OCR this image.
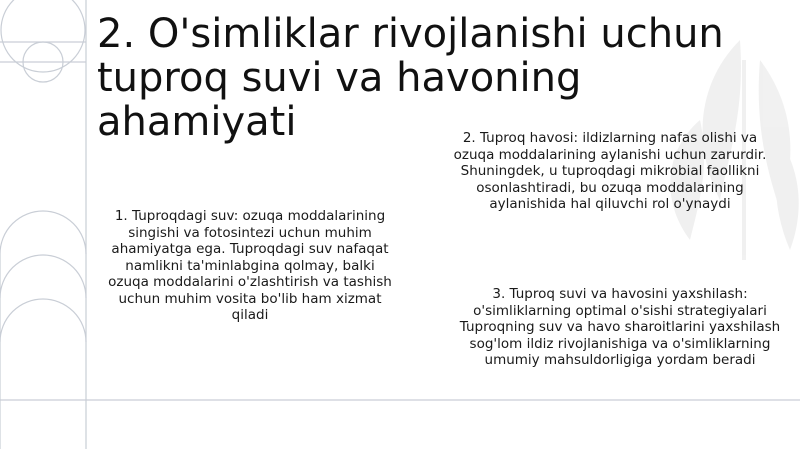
2. O'simliklar rivojlanishi uchun
tuproq suvi va havoning
ahamiyati

1. Tuproqdagi suv: ozuqa moddalarining
singishi va fotosintezi uchun muhim
ahamiyatga ega. Tuproqdagi suv nafaqat
namlikni ta'minlabgina qolmay, balki
ozuqa moddalarini o'zlashtirish va tashish
uchun muhim vosita bo'lib ham xizmat
qiladi

2. Tuproq havosi: ildizlarning nafas olishi va
ozuqa moddalarining aylanishi uchun zarurdir.
Shuningdek, u tuproqdagi mikrobial faollikni
osonlashtiradi, bu ozuqa moddalarining
aylanishida hal qiluvchi rol o'ynaydi

3. Tuproq suvi va havosini yaxshilash:
o'simliklarning optimal o'sishi strategiyalari
Tuproqning suv va havo sharoitlarini yaxshilash
sog'lom ildiz rivojlanishiga va o'simliklarning
umumiy mahsuldorligiga yordam beradi
